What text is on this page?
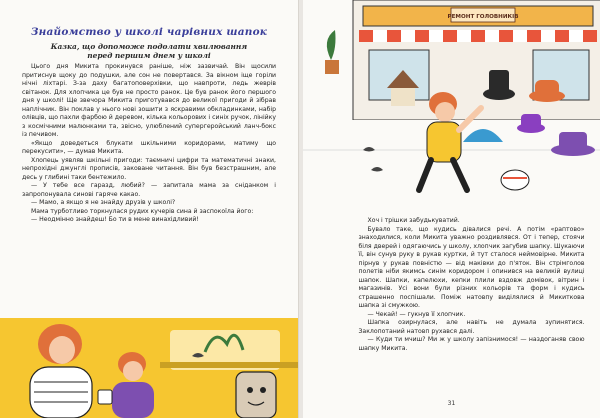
Знайомство у школі чарівних шапок
Казка, що допоможе подолати хвилювання
перед першим днем у школі

Цього дня Микита прокинувся раніше, ніж зазвичай. Він щосили притиснув щоку до подушки, але сон не повертався. За вікном іще горіли нічні ліхтарі. З-за даху багатоповерхівки, що навпроти, ледь жеврів світанок. Для хлопчика це був не просто ранок. Це був ранок його першого дня у школі! Ще звечора Микита приготувався до великої пригоди й зібрав наплічник. Він поклав у нього нові зошити з яскравими обкладинками, набір олівців, що пахли фарбою й деревом, кілька кольорових і синіх ручок, лінійку з космічними малюнками та, звісно, улюблений супергеройський ланч-бокс із печивом.

«Якщо доведеться блукати шкільними коридорами, матиму що перекусити», — думав Микита.

Хлопець уявляв шкільні пригоди: таємничі цифри та математичні знаки, непрохідні джунглі прописів, заковане читання. Він був безстрашним, але десь у глибині таки бентежило.

— У тебе все гаразд, любий? — запитала мама за сніданком і запропонувала синові гаряче какао.

— Мамо, а якщо я не знайду друзів у школі?

Мама турботливо торкнулася рудих кучерів сина й заспокоїла його:

— Неодмінно знайдеш! Бо ти в мене винахідливий!

РЕМОНТ ГОЛОВНИКІВ

Хоч і трішки забудькуватий.

Бувало таке, що кудись дівалися речі. А потім «раптово» знаходилися, коли Микита уважно роздивлявся. От і тепер, стоячи біля дверей і одягаючись у школу, хлопчик загубив шапку. Шукаючи її, він сунув руку в рукав куртки, й тут сталося неймовірне. Микита пірнув у рукав повністю — від маківки до п'яток. Він стрімголов полетів ніби якимсь синім коридором і опинився на великій вулиці шапок. Шапки, капелюхи, кепки плили вздовж домівок, вітрин і магазинів. Усі вони були різних кольорів та форм і кудись страшенно поспішали. Поміж натовпу виділялися й Микиткова шапка зі смужкою.

— Чекай! — гукнув її хлопчик.

Шапка озирнулася, але навіть не думала зупинятися. Заклопотаний натовп рухався далі.

— Куди ти мчиш? Ми ж у школу запізнимося! — наздоганяв свою шапку Микита.

31
